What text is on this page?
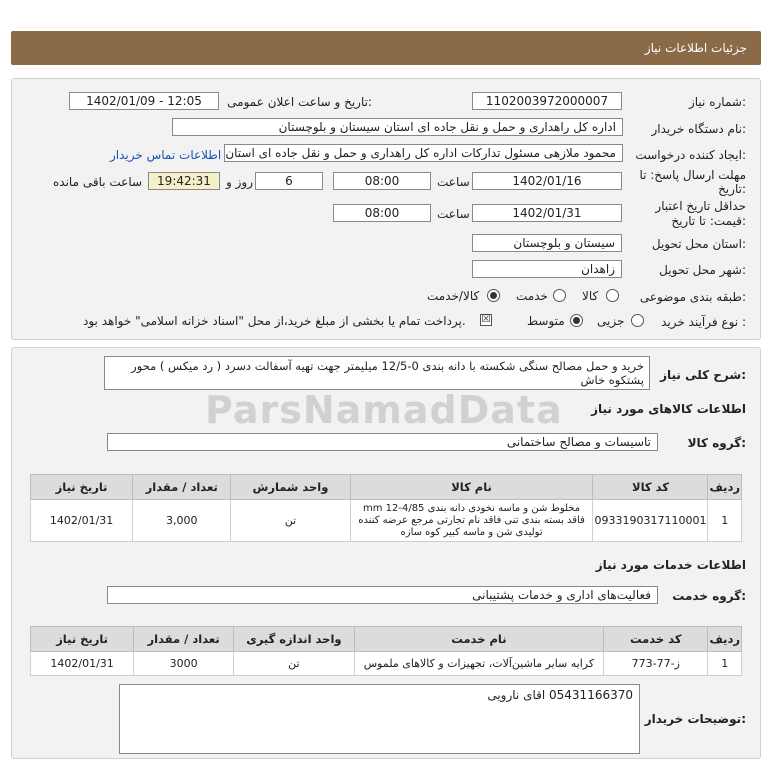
جزئیات اطلاعات نیاز
شماره نیاز:
1102003972000007
تاریخ و ساعت اعلان عمومی:
1402/01/09 - 12:05
نام دستگاه خریدار:
اداره کل راهداری و حمل و نقل جاده ای استان سیستان و بلوچستان
ایجاد کننده درخواست:
محمود ملازهی مسئول تدارکات اداره کل راهداری و حمل و نقل جاده ای استان
اطلاعات تماس خریدار
مهلت ارسال پاسخ: تا
تاریخ:
1402/01/16
ساعت
08:00
6
روز و
19:42:31
ساعت باقی مانده
حداقل تاریخ اعتبار
قیمت: تا تاریخ:
1402/01/31
ساعت
08:00
استان محل تحویل:
سیستان و بلوچستان
شهر محل تحویل:
زاهدان
طبقه بندی موضوعی:
کالا
خدمت
کالا/خدمت
نوع فرآیند خرید :
جزیی
متوسط
☒
پرداخت تمام یا بخشی از مبلغ خرید،از محل "اسناد خزانه اسلامی" خواهد بود.
شرح کلی نیاز:
خرید و حمل مصالح سنگی شکسته با دانه بندی 0-12/5 میلیمتر جهت تهیه آسفالت دسرد ( رد میکس ) محور پشتکوه خاش
ParsNamadData اطلاعات کالاهای مورد نیاز
گروه کالا:
تاسیسات و مصالح ساختمانی
ردیف	کد کالا	نام کالا	واحد شمارش	تعداد / مقدار	تاریخ نیاز
1	0933190317110001	مخلوط شن و ماسه نخودی دانه بندی mm 12-4/85 فاقد بسته بندی تنی فاقد نام تجارتی مرجع عرضه کننده تولیدی شن و ماسه کبیر کوه سازه	تن	3,000	1402/01/31
اطلاعات خدمات مورد نیاز
گروه خدمت:
فعالیت‌های اداری و خدمات پشتیبانی
ردیف	کد خدمت	نام خدمت	واحد اندازه گیری	تعداد / مقدار	تاریخ نیاز
1	ز-77-773	کرایه سایر ماشین‌آلات، تجهیزات و کالاهای ملموس	تن	3000	1402/01/31
توضیحات خریدار:
05431166370 اقای نارویی
